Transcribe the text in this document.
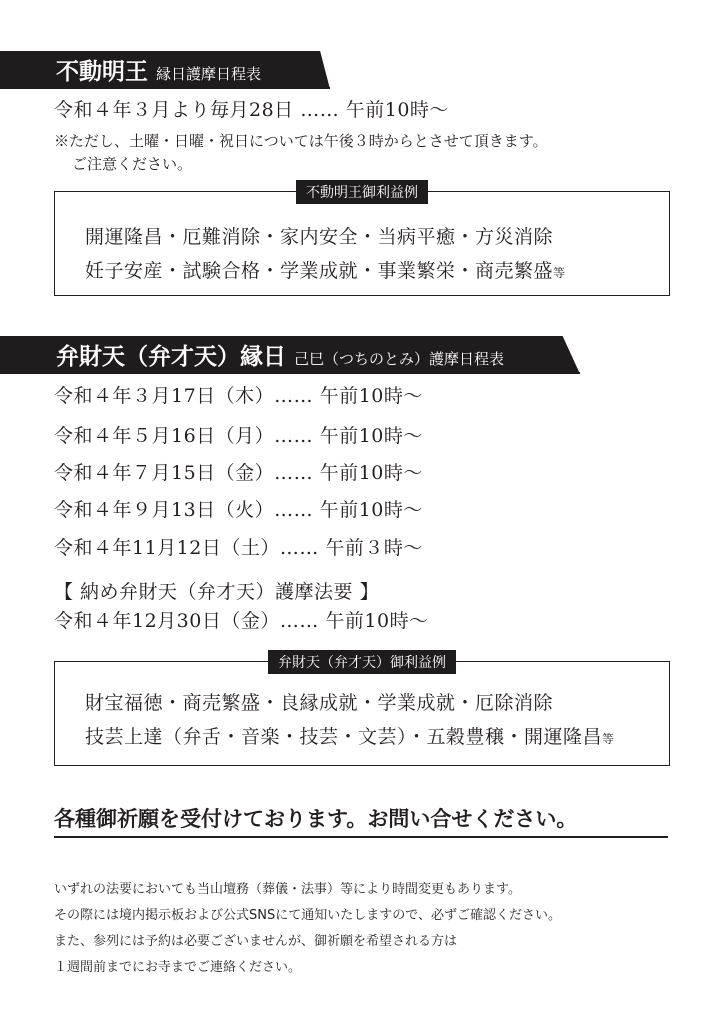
不動明王 縁日護摩日程表
令和４年３月より毎月28日 …… 午前10時～
※ただし、土曜・日曜・祝日については午後３時からとさせて頂きます。
ご注意ください。
不動明王御利益例
開運隆昌・厄難消除・家内安全・当病平癒・方災消除
妊子安産・試験合格・学業成就・事業繁栄・商売繁盛等
弁財天（弁才天）縁日 己巳（つちのとみ）護摩日程表
令和４年３月17日（木）…… 午前10時～
令和４年５月16日（月）…… 午前10時～
令和４年７月15日（金）…… 午前10時～
令和４年９月13日（火）…… 午前10時～
令和４年11月12日（土）…… 午前３時～
【 納め弁財天（弁才天）護摩法要 】
令和４年12月30日（金）…… 午前10時～
弁財天（弁才天）御利益例
財宝福徳・商売繁盛・良縁成就・学業成就・厄除消除
技芸上達（弁舌・音楽・技芸・文芸）・五穀豊穣・開運隆昌等
各種御祈願を受付けております。お問い合せください。
いずれの法要においても当山壇務（葬儀・法事）等により時間変更もあります。
その際には境内掲示板および公式SNSにて通知いたしますので、必ずご確認ください。
また、参列には予約は必要ございませんが、御祈願を希望される方は
１週間前までにお寺までご連絡ください。
